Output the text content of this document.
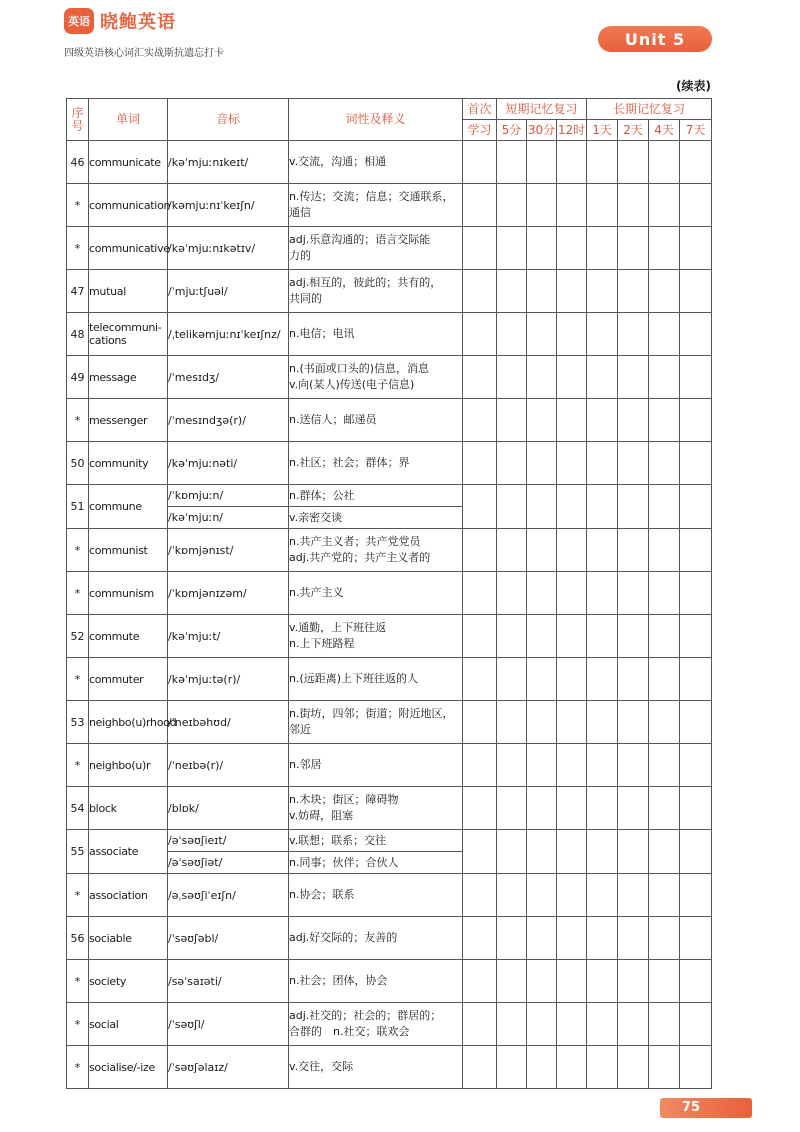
英语 晓鲍英语
四级英语核心词汇实战斯抗遗忘打卡
Unit 5
(续表)
序号	单词	音标	词性及释义	首次	短期记忆复习			长期记忆复习			
				学习	5分	30分	12时	1天	2天	4天	7天
46	communicate	/kəˈmjuːnɪkeɪt/	v.交流，沟通；相通								

*	communication	/kəmjuːnɪˈkeɪʃn/	n.传达；交流；信息；交通联系，
通信								

*	communicative	/kəˈmjuːnɪkətɪv/	adj.乐意沟通的；语言交际能
力的								

47	mutual	/ˈmjuːtʃuəl/	adj.相互的，彼此的；共有的，
共同的								

48	telecommuni-cations	/ˌtelikəmjuːnɪˈkeɪʃnz/	n.电信；电讯								

49	message	/ˈmesɪdʒ/	n.(书面或口头的)信息，消息
v.向(某人)传送(电子信息)								

*	messenger	/ˈmesɪndʒə(r)/	n.送信人；邮递员								

50	community	/kəˈmjuːnəti/	n.社区；社会；群体；界								

51	commune	/ˈkɒmjuːn/	n.群体；公社								

		/kəˈmjuːn/	v.亲密交谈								

*	communist	/ˈkɒmjənɪst/	n.共产主义者；共产党党员
adj.共产党的；共产主义者的								

*	communism	/ˈkɒmjənɪzəm/	n.共产主义								

52	commute	/kəˈmjuːt/	v.通勤，上下班往返
n.上下班路程								

*	commuter	/kəˈmjuːtə(r)/	n.(远距离)上下班往返的人								

53	neighbo(u)rhood	/ˈneɪbəhʊd/	n.街坊，四邻；街道；附近地区，
邻近								

*	neighbo(u)r	/ˈneɪbə(r)/	n.邻居								

54	block	/blɒk/	n.木块；街区；障碍物
v.妨碍，阻塞								

55	associate	/əˈsəʊʃieɪt/	v.联想；联系；交往								

		/əˈsəʊʃiət/	n.同事；伙伴；合伙人								

*	association	/əˌsəʊʃiˈeɪʃn/	n.协会；联系								

56	sociable	/ˈsəʊʃəbl/	adj.好交际的；友善的								

*	society	/səˈsaɪəti/	n.社会；团体，协会								

*	social	/ˈsəʊʃl/	adj.社交的；社会的；群居的；
合群的　n.社交；联欢会								

*	socialise/-ize	/ˈsəʊʃəlaɪz/	v.交往，交际								

75
